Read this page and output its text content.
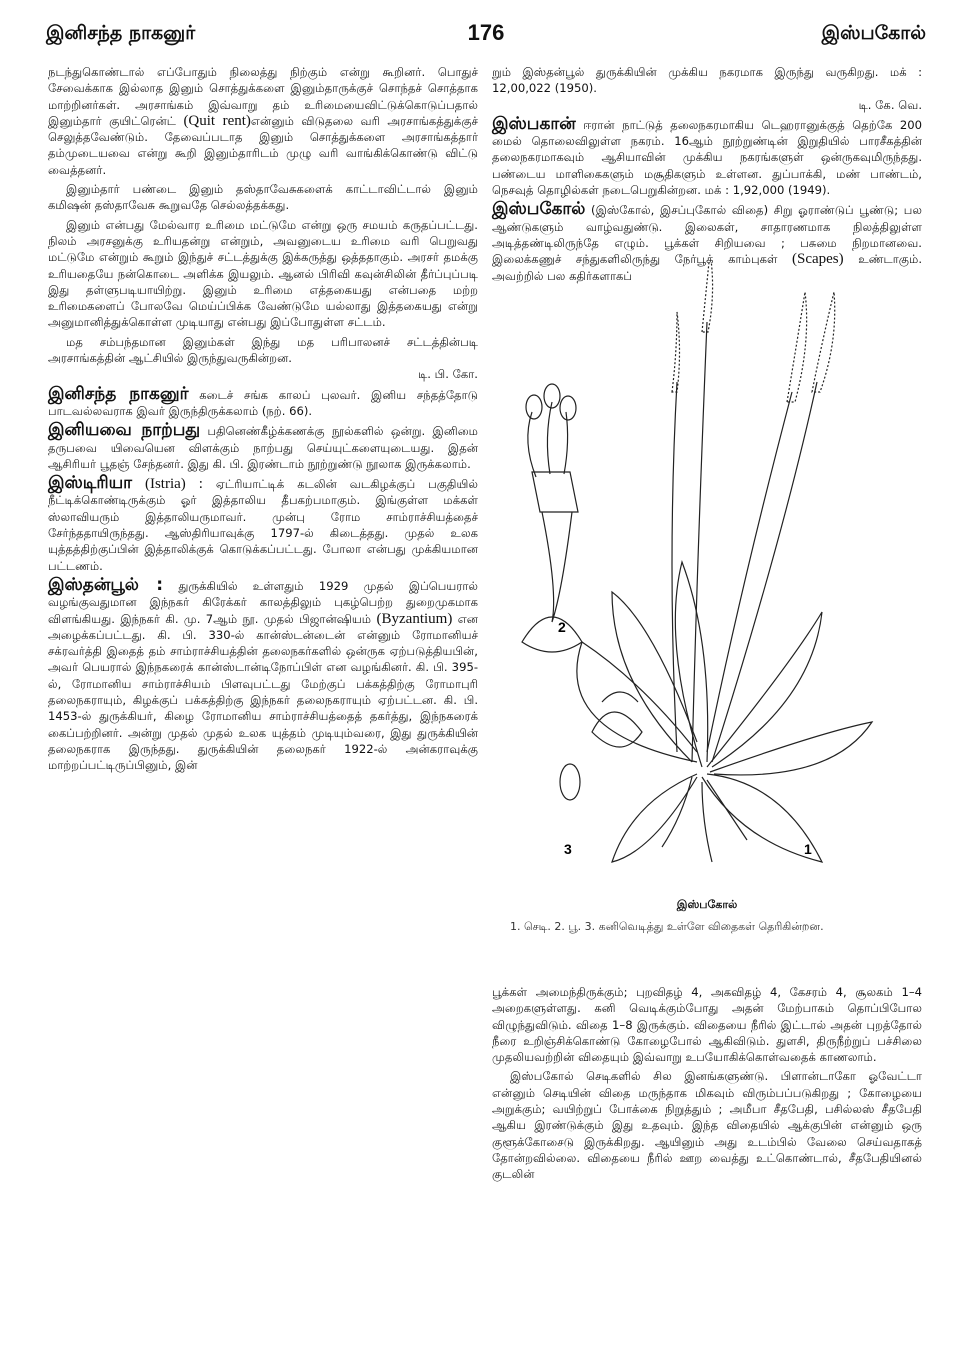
இனிசந்த நாகனுர்	176	இஸ்பகோல்

நடந்துகொண்டால் எப்போதும் நிலைத்து நிற்கும் என்று கூறினர். பொதுச் சேவைக்காக இல்லாத இனும் சொத்துக்களை இனும்தாருக்குச் சொந்தச் சொத்தாக மாற்றினர்கள். அரசாங்கம் இவ்வாறு தம் உரிமையைவிட்டுக்கொடுப்பதால் இனும்தார் குயிட்ரென்ட் (Quit rent)என்னும் விடுதலை வரி அரசாங்கத்துக்குச் செலுத்தவேண்டும். தேவைப்படாத இனும் சொத்துக்களை அரசாங்கத்தார் தம்முடையவை என்று கூறி இனும்தாரிடம் முழு வரி வாங்கிக்கொண்டு விட்டு வைத்தனர்.

இனும்தார் பண்டை இனும் தஸ்தாவேசுகளைக் காட்டாவிட்டால் இனும் கமிஷன் தஸ்தாவேசு கூறுவதே செல்லத்தக்கது.

இனும் என்பது மேல்வார உரிமை மட்டுமே என்று ஒரு சமயம் கருதப்பட்டது. நிலம் அரசனுக்கு உரியதன்று என்றும், அவனுடைய உரிமை வரி பெறுவது மட்டுமே என்றும் கூறும் இந்துச் சட்டத்துக்கு இக்கருத்து ஒத்ததாகும். அரசர் தமக்கு உரியதையே நன்கொடை அளிக்க இயலும். ஆனல் பிரிவி கவுன்சிலின் தீர்ப்புப்படி இது தள்ளுபடியாயிற்று. இனும் உரிமை எத்தகையது என்பதை மற்ற உரிமைகளைப் போலவே மெய்ப்பிக்க வேண்டுமே யல்லாது இத்தகையது என்று அனுமானித்துக்கொள்ள முடியாது என்பது இப்போதுள்ள சட்டம்.

மத சம்பந்தமான இனும்கள் இந்து மத பரிபாலனச் சட்டத்தின்படி அரசாங்கத்தின் ஆட்சியில் இருந்துவருகின்றன.
டி. பி. கோ.

இனிசந்த நாகனுர் கடைச் சங்க காலப் புலவர். இனிய சந்தத்தோடு பாடவல்லவராக இவர் இருந்திருக்கலாம் (நற். 66).

இனியவை நாற்பது பதினெண்கீழ்க்கணக்கு நூல்களில் ஒன்று. இனிமை தருபவை யிவையென விளக்கும் நாற்பது செய்யுட்களையுடையது. இதன் ஆசிரியர் பூதஞ் சேந்தனர். இது கி. பி. இரண்டாம் நூற்றுண்டு நூலாக இருக்கலாம்.

இஸ்டிரியா (Istria) : ஏட்ரியாட்டிக் கடலின் வடகிழக்குப் பகுதியில் நீட்டிக்கொண்டிருக்கும் ஓர் இத்தாலிய தீபகற்பமாகும். இங்குள்ள மக்கள் ஸ்லாவியரும் இத்தாலியருமாவர். முன்பு ரோம சாம்ராச்சியத்தைச் சேர்ந்ததாயிருந்தது. ஆஸ்திரியாவுக்கு 1797-ல் கிடைத்தது. முதல் உலக யுத்தத்திற்குப்பின் இத்தாலிக்குக் கொடுக்கப்பட்டது. போலா என்பது முக்கியமான பட்டணம்.

இஸ்தன்பூல் : துருக்கியில் உள்ளதும் 1929 முதல் இப்பெயரால் வழங்குவதுமான இந்நகர் கிரேக்கர் காலத்திலும் புகழ்பெற்ற துறைமுகமாக விளங்கியது. இந்நகர் கி. மு. 7ஆம் நூ. முதல் பிஜான்ஷியம் (Byzantium) என அழைக்கப்பட்டது. கி. பி. 330-ல் கான்ஸ்டன்டைன் என்னும் ரோமானியச் சக்ரவர்த்தி இதைத் தம் சாம்ராச்சியத்தின் தலைநகர்களில் ஒன்ருக ஏற்படுத்தியபின், அவர் பெயரால் இந்நகரைக் கான்ஸ்டான்டிநோப்பிள் என வழங்கினர். கி. பி. 395-ல், ரோமானிய சாம்ராச்சியம் பிளவுபட்டது மேற்குப் பக்கத்திற்கு ரோமாபுரி தலைநகராயும், கிழக்குப் பக்கத்திற்கு இந்நகர் தலைநகராயும் ஏற்பட்டன. கி. பி. 1453-ல் துருக்கியர், கிழை ரோமானிய சாம்ராச்சியத்தைத் தகர்த்து, இந்நகரைக் கைப்பற்றினர். அன்று முதல் முதல் உலக யுத்தம் முடியும்வரை, இது துருக்கியின் தலைநகராக இருந்தது. துருக்கியின் தலைநகர் 1922-ல் அன்கராவுக்கு மாற்றப்பட்டிருப்பினும், இன்

றும் இஸ்தன்பூல் துருக்கியின் முக்கிய நகரமாக இருந்து வருகிறது. மக் : 12,00,022 (1950).
டி. கே. வெ.

இஸ்பகான் ஈரான் நாட்டுத் தலைநகரமாகிய டெஹரானுக்குத் தெற்கே 200 மைல் தொலைவிலுள்ள நகரம். 16ஆம் நூற்றுண்டின் இறுதியில் பாரசீகத்தின் தலைநகரமாகவும் ஆசியாவின் முக்கிய நகரங்களுள் ஒன்ருகவுமிருந்தது. பண்டைய மாளிகைகளும் மசூதிகளும் உள்ளன. துப்பாக்கி, மண் பாண்டம், நெசவுத் தொழில்கள் நடைபெறுகின்றன. மக் : 1,92,000 (1949).

இஸ்பகோல் (இஸ்கோல், இசப்புகோல் விதை) சிறு ஓராண்டுப் பூண்டு; பல ஆண்டுகளும் வாழ்வதுண்டு. இலைகள், சாதாரணமாக நிலத்திலுள்ள அடித்தண்டிலிருந்தே எழும். பூக்கள் சிறியவை ; பசுமை நிறமானவை. இலைக்கணுச் சந்துகளிலிருந்து நேர்பூக் காம்புகள் (Scapes) உண்டாகும். அவற்றில் பல கதிர்களாகப்

2
3	1
இஸ்பகோல்
1. செடி. 2. பூ. 3. கனிவெடித்து உள்ளே விதைகள் தெரிகின்றன.

பூக்கள் அமைந்திருக்கும்; புறவிதழ் 4, அகவிதழ் 4, கேசரம் 4, சூலகம் 1–4 அறைகளுள்ளது. கனி வெடிக்கும்போது அதன் மேற்பாகம் தொப்பிபோல விழுந்துவிடும். விதை 1–8 இருக்கும். விதையை நீரில் இட்டால் அதன் புறத்தோல் நீரை உறிஞ்சிக்கொண்டு கோழைபோல் ஆகிவிடும். துளசி, திருநீற்றுப் பச்சிலை முதலியவற்றின் விதையும் இவ்வாறு உபயோகிக்கொள்வதைக் காணலாம்.

இஸ்பகோல் செடிகளில் சில இனங்களுண்டு. பிளான்டாகோ ஓவேட்டா என்னும் செடியின் விதை மருந்தாக மிகவும் விரும்பப்படுகிறது ; கோழையை அறுக்கும்; வயிற்றுப் போக்கை நிறுத்தும் ; அமீபா சீதபேதி, பசில்லஸ் சீதபேதி ஆகிய இரண்டுக்கும் இது உதவும். இந்த விதையில் ஆக்குபின் என்னும் ஒரு குளூக்கோசைடு இருக்கிறது. ஆயினும் அது உடம்பில் வேலை செய்வதாகத் தோன்றவில்லை. விதையை நீரில் ஊற வைத்து உட்கொண்டால், சீதபேதியினல் குடலின்
